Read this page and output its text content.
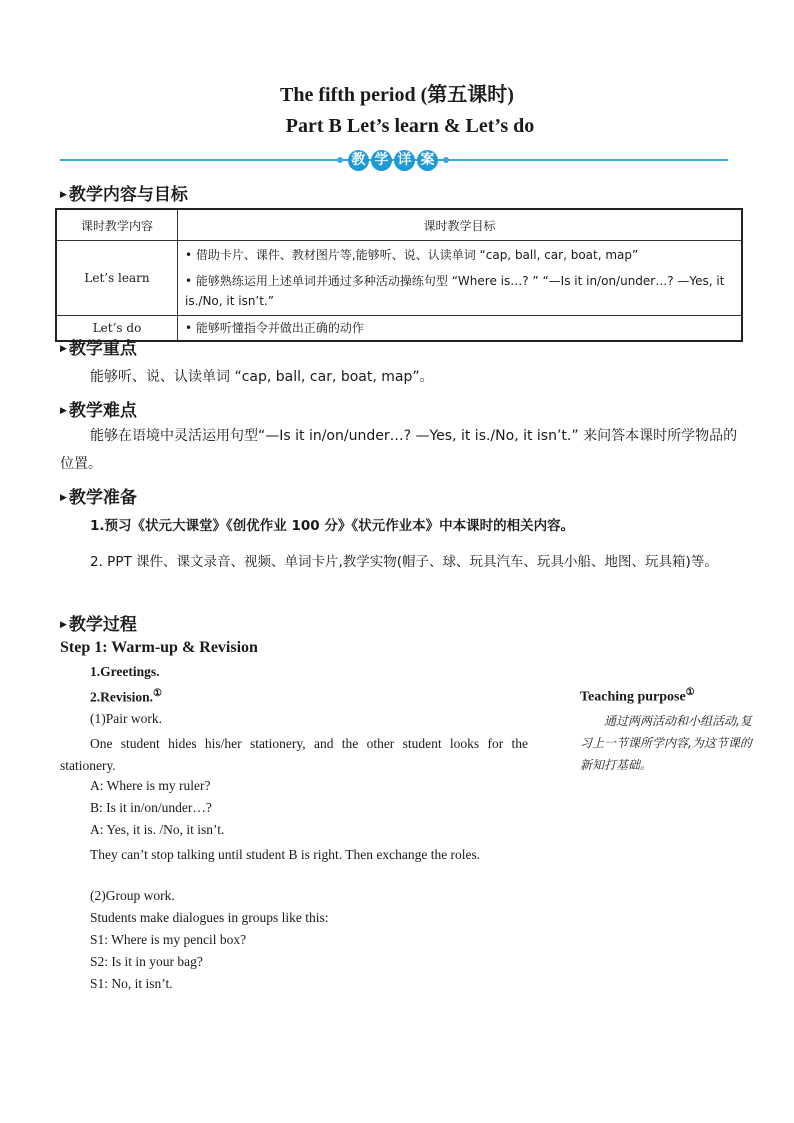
The fifth period (第五课时)
Part B Let’s learn & Let’s do
教 学 详 案
▶ 教学内容与目标
课时教学内容	课时教学目标
Let’s learn	• 借助卡片、课件、教材图片等,能够听、说、认读单词 “cap, ball, car, boat, map”
• 能够熟练运用上述单词并通过多种活动操练句型 “Where is…? ” “—Is it in/on/under…? —Yes, it is./No, it isn’t.”

Let’s do	• 能够听懂指令并做出正确的动作
▶ 教学重点
能够听、说、认读单词 “cap, ball, car, boat, map”。
▶ 教学难点
能够在语境中灵活运用句型“—Is it in/on/under…? —Yes, it is./No, it isn’t.” 来问答本课时所学物品的位置。
▶ 教学准备
1.预习《状元大课堂》《创优作业 100 分》《状元作业本》中本课时的相关内容。
2. PPT 课件、课文录音、视频、单词卡片,教学实物(帽子、球、玩具汽车、玩具小船、地图、玩具箱)等。
▶ 教学过程
Step 1: Warm-up & Revision
1.Greetings.
2.Revision.①
(1)Pair work.
One student hides his/her stationery, and the other student looks for the stationery.
A: Where is my ruler?
B: Is it in/on/under…?
A: Yes, it is. /No, it isn’t.
They can’t stop talking until student B is right. Then exchange the roles.
(2)Group work.
Students make dialogues in groups like this:
S1: Where is my pencil box?
S2: Is it in your bag?
S1: No, it isn’t.
Teaching purpose①
通过两两活动和小组活动,复习上一节课所学内容,为这节课的新知打基础。
